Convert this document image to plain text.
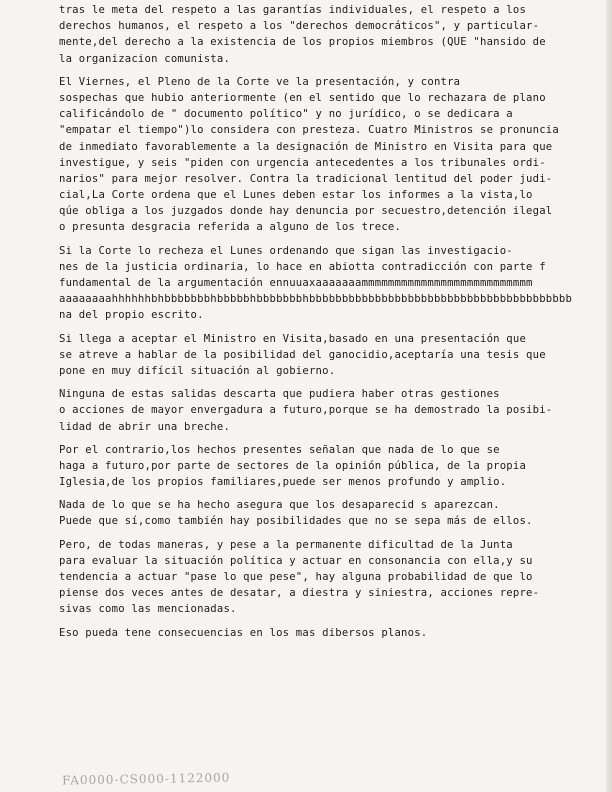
tras le meta del respeto a las garantías individuales, el respeto a los
derechos humanos, el respeto a los "derechos democráticos", y particular-
mente,del derecho a la existencia de los propios miembros (QUE "hansido de
la organizacion comunista.
El Viernes, el Pleno de la Corte ve la presentación, y contra
sospechas que hubio anteriormente (en el sentido que lo rechazara de plano
calificándolo de " documento político" y no jurídico, o se dedicara a
"empatar el tiempo")lo considera con presteza. Cuatro Ministros se pronuncia
de inmediato favorablemente a la designación de Ministro en Visita para que
investigue, y seis "piden con urgencia antecedentes a los tribunales ordi-
narios" para mejor resolver. Contra la tradicional lentitud del poder judi-
cial,La Corte ordena que el Lunes deben estar los informes a la vista,lo
qúe obliga a los juzgados donde hay denuncia por secuestro,detención ilegal
o presunta desgracia referida a alguno de los trece.
Si la Corte lo recheza el Lunes ordenando que sigan las investigacio-
nes de la justicia ordinaria, lo hace en abiotta contradicción con parte f
fundamental de la argumentación ennuuaxaaaaaaammmmmmmmmmmmmmmmmmmmmmmmmm
aaaaaaaahhhhhhbhbbbbbbbhbbbbbhbbbbbbbhbbbbbbbbbbbbbbbbbbbbbbbbbbbbbbbbbbbbbbbb
na del propio escrito.
Si llega a aceptar el Ministro en Visita,basado en una presentación que
se atreve a hablar de la posibilidad del ganocidio,aceptaría una tesis que
pone en muy difícil situación al gobierno.
Ninguna de estas salidas descarta que pudiera haber otras gestiones
o acciones de mayor envergadura a futuro,porque se ha demostrado la posibi-
lidad de abrir una breche.
Por el contrario,los hechos presentes señalan que nada de lo que se
haga a futuro,por parte de sectores de la opinión pública, de la propia
Iglesia,de los propios familiares,puede ser menos profundo y amplio.
Nada de lo que se ha hecho asegura que los desaparecid s aparezcan.
Puede que sí,como también hay posibilidades que no se sepa más de ellos.
Pero, de todas maneras, y pese a la permanente dificultad de la Junta
para evaluar la situación política y actuar en consonancia con ella,y su
tendencia a actuar "pase lo que pese", hay alguna probabilidad de que lo
piense dos veces antes de desatar, a diestra y siniestra, acciones repre-
sivas como las mencionadas.
Eso pueda tene consecuencias en los mas dibersos planos.
FA0000-CS000-1122000
